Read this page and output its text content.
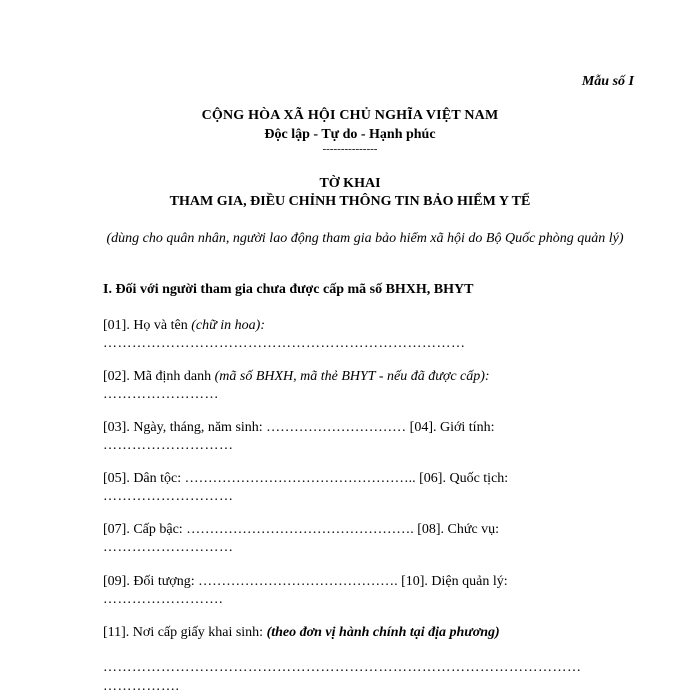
Mẫu số I
CỘNG HÒA XÃ HỘI CHỦ NGHĨA VIỆT NAM
Độc lập - Tự do - Hạnh phúc
---------------
TỜ KHAI
THAM GIA, ĐIỀU CHỈNH THÔNG TIN BẢO HIỂM Y TẾ
(dùng cho quân nhân, người lao động tham gia bảo hiểm xã hội do Bộ Quốc phòng quản lý)
I. Đối với người tham gia chưa được cấp mã số BHXH, BHYT
[01]. Họ và tên (chữ in hoa):
…………………………………………………………………
[02]. Mã định danh (mã số BHXH, mã thẻ BHYT - nếu đã được cấp):
……………………
[03]. Ngày, tháng, năm sinh: ………………………… [04]. Giới tính:
………………………
[05]. Dân tộc: ………………………………………….. [06]. Quốc tịch:
………………………
[07]. Cấp bậc: …………………………………………. [08]. Chức vụ:
………………………
[09]. Đối tượng: ……………………………………. [10]. Diện quản lý:
…………………….
[11]. Nơi cấp giấy khai sinh: (theo đơn vị hành chính tại địa phương)
………………………………………………………………………………………
…………….
